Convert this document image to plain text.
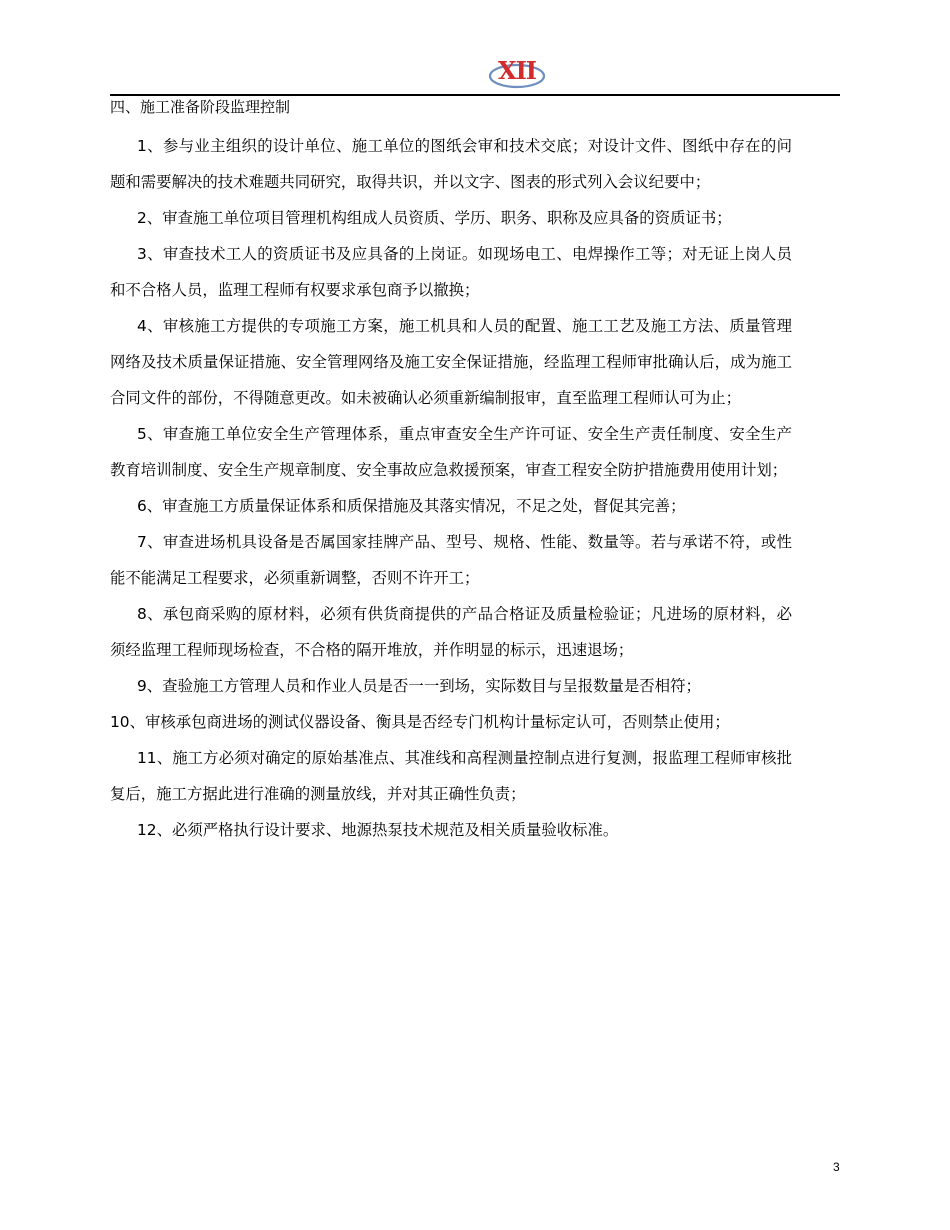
XII
四、施工准备阶段监理控制

1、参与业主组织的设计单位、施工单位的图纸会审和技术交底；对设计文件、图纸中存在的问题和需要解决的技术难题共同研究，取得共识，并以文字、图表的形式列入会议纪要中；

2、审查施工单位项目管理机构组成人员资质、学历、职务、职称及应具备的资质证书；

3、审查技术工人的资质证书及应具备的上岗证。如现场电工、电焊操作工等；对无证上岗人员和不合格人员，监理工程师有权要求承包商予以撤换；

4、审核施工方提供的专项施工方案，施工机具和人员的配置、施工工艺及施工方法、质量管理网络及技术质量保证措施、安全管理网络及施工安全保证措施，经监理工程师审批确认后，成为施工合同文件的部份，不得随意更改。如未被确认必须重新编制报审，直至监理工程师认可为止；

5、审查施工单位安全生产管理体系，重点审查安全生产许可证、安全生产责任制度、安全生产教育培训制度、安全生产规章制度、安全事故应急救援预案，审查工程安全防护措施费用使用计划；

6、审查施工方质量保证体系和质保措施及其落实情况，不足之处，督促其完善；

7、审查进场机具设备是否属国家挂牌产品、型号、规格、性能、数量等。若与承诺不符，或性能不能满足工程要求，必须重新调整，否则不许开工；

8、承包商采购的原材料，必须有供货商提供的产品合格证及质量检验证；凡进场的原材料，必须经监理工程师现场检查，不合格的隔开堆放，并作明显的标示，迅速退场；

9、查验施工方管理人员和作业人员是否一一到场，实际数目与呈报数量是否相符；

10、审核承包商进场的测试仪器设备、衡具是否经专门机构计量标定认可，否则禁止使用；

11、施工方必须对确定的原始基准点、其准线和高程测量控制点进行复测，报监理工程师审核批复后，施工方据此进行准确的测量放线，并对其正确性负责；

12、必须严格执行设计要求、地源热泵技术规范及相关质量验收标准。

3
